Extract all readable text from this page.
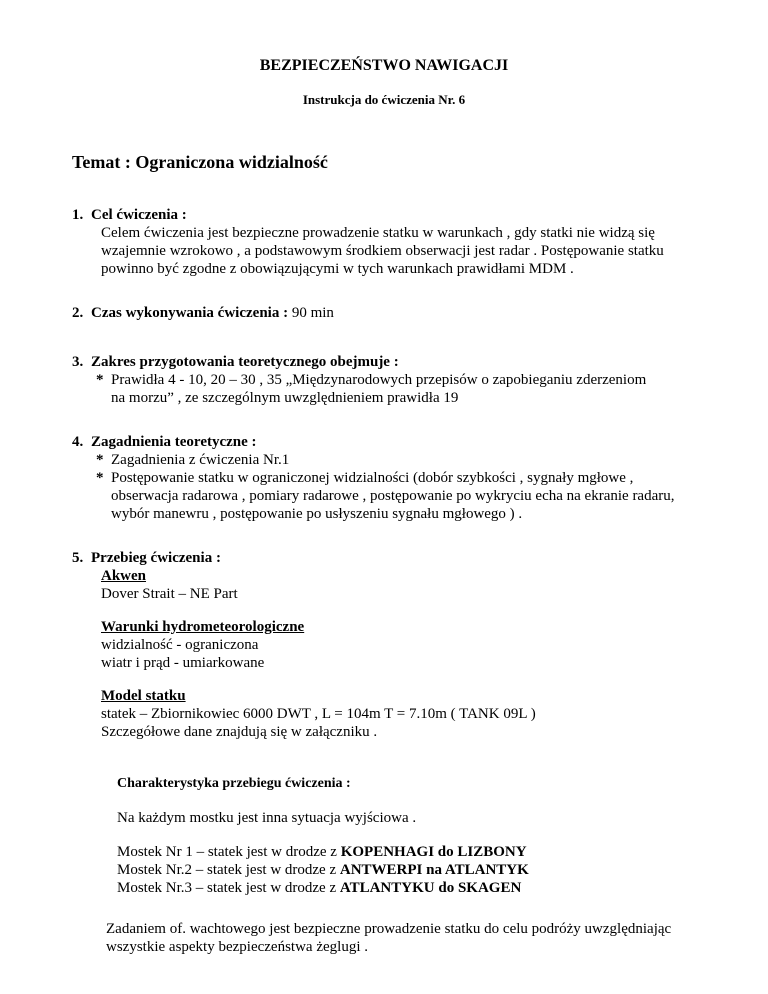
BEZPIECZEŃSTWO NAWIGACJI
Instrukcja do ćwiczenia Nr. 6
Temat : Ograniczona widzialność
1. Cel ćwiczenia :
Celem ćwiczenia jest bezpieczne prowadzenie statku w warunkach , gdy statki nie widzą się
wzajemnie wzrokowo , a podstawowym środkiem obserwacji jest radar . Postępowanie statku
powinno być zgodne z obowiązującymi w tych warunkach prawidłami MDM .
2. Czas wykonywania ćwiczenia : 90 min
3. Zakres przygotowania teoretycznego obejmuje :
* Prawidła 4 - 10, 20 – 30 , 35 „Międzynarodowych przepisów o zapobieganiu zderzeniom
na morzu” , ze szczególnym uwzględnieniem prawidła 19
4. Zagadnienia teoretyczne :
* Zagadnienia z ćwiczenia Nr.1
* Postępowanie statku w ograniczonej widzialności (dobór szybkości , sygnały mgłowe ,
obserwacja radarowa , pomiary radarowe , postępowanie po wykryciu echa na ekranie radaru,
wybór manewru , postępowanie po usłyszeniu sygnału mgłowego ) .
5. Przebieg ćwiczenia :
Akwen
Dover Strait – NE Part
Warunki hydrometeorologiczne
widzialność - ograniczona
wiatr i prąd - umiarkowane
Model statku
statek – Zbiornikowiec 6000 DWT , L = 104m T = 7.10m ( TANK 09L )
Szczegółowe dane znajdują się w załączniku .
Charakterystyka przebiegu ćwiczenia :
Na każdym mostku jest inna sytuacja wyjściowa .
Mostek Nr 1 – statek jest w drodze z KOPENHAGI do LIZBONY
Mostek Nr.2 – statek jest w drodze z ANTWERPI na ATLANTYK
Mostek Nr.3 – statek jest w drodze z ATLANTYKU do SKAGEN
Zadaniem of. wachtowego jest bezpieczne prowadzenie statku do celu podróży uwzględniając
wszystkie aspekty bezpieczeństwa żeglugi .
